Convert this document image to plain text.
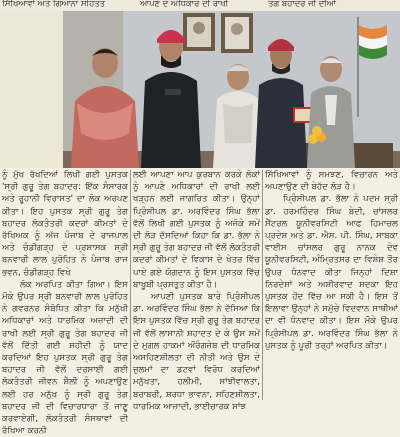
ਸਿੱਖਿਆਵਾਂ ਅਤੇ ਗਿਆਨਾ ਸਹਿਤਤ	ਆਪਣੇ ਦੇ ਅਧਿਕਾਰ ਦੀ ਰਾਖੀ	ਤੇਗ ਬਹਾਦਰ ਜੀ ਦੀਆਂ

ਨੂੰ ਮੁੱਖ ਰੱਖਦਿਆਂ ਲਿਖੀ ਗਈ ਪੁਸਤਕ 'ਸ੍ਰੀ ਗੁਰੂ ਤੇਗ ਬਹਾਦਰ: ਇੱਕ ਸੰਸਾਰਕ ਅਤੇ ਰੂਹਾਨੀ ਵਿਰਾਸਤ' ਦਾ ਲੋਕ ਅਰਪਣ ਕੀਤਾ। ਇਹ ਪੁਸਤਕ ਸ੍ਰੀ ਗੁਰੂ ਤੇਗ ਬਹਾਦਰ ਲੋਕਤੰਤਰੀ ਕਦਰਾਂ ਕੀਮਤਾਂ ਦੇ ਰੱਖਿਅਕ ਨੂੰ ਅੱਜ ਪੰਜਾਬ ਦੇ ਰਾਜਪਾਲ ਅਤੇ ਚੰਡੀਗੜ੍ਹ ਦੇ ਪ੍ਰਸ਼ਾਸਕ ਸ੍ਰੀ ਬਨਵਾਰੀ ਲਾਲ ਪੁਰੋਹਿਤ ਨੇ ਪੰਜਾਬ ਰਾਜ ਭਵਨ, ਚੰਡੀਗੜ੍ਹ ਵਿਖੇ

ਲੋਕ ਅਰਪਿਤ ਕੀਤਾ ਗਿਆ। ਇਸ ਮੌਕੇ ਉਪਰ ਸ੍ਰੀ ਬਨਵਾਰੀ ਲਾਲ ਪੁਰੋਹਿਤ ਨੇ ਗਵਰਨਰ ਸੰਬੋਧਿਤ ਕੀਤਾ ਕਿ ਮਨੁੱਖੀ ਅਧਿਕਾਰਾਂ ਅਤੇ ਧਾਰਮਿਕ ਅਜ਼ਾਦੀ ਦੀ ਰਾਖੀ ਲਈ ਸ੍ਰੀ ਗੁਰੂ ਤੇਗ ਬਹਾਦਰ ਜੀ ਵੱਲੋਂ ਦਿੱਤੀ ਗਈ ਸ਼ਹੀਦੀ ਨੂੰ ਯਾਦ ਕਰਦਿਆਂ ਇਹ ਪੁਸਤਕ ਸ੍ਰੀ ਗੁਰੂ ਤੇਗ ਬਹਾਦਰ ਜੀ ਵੱਲੋਂ ਦਰਸਾਈ ਗਈ ਲੋਕਤੰਤਰੀ ਜੀਵਨ ਸ਼ੈਲੀ ਨੂੰ ਅਪਣਾਉਣ ਲਈ ਹਰ ਮਨੁੱਖ ਨੂੰ ਸ੍ਰੀ ਗੁਰੂ ਤੇਗ ਬਹਾਦਰ ਜੀ ਦੀ ਵਿਚਾਰਧਾਰਾ ਤੋਂ ਜਾਣੂ ਕਰਵਾਏਗੀ, ਲੋਕਤੰਤਰੀ ਸੰਸਥਾਵਾਂ ਦੀ ਰੱਖਿਆ ਕਰਨੀ

ਲਈ ਆਪਣਾ ਆਪ ਕੁਰਬਾਨ ਕਰਕੇ ਲੋਕਾਂ ਨੂੰ ਆਪਣੇ ਅਧਿਕਾਰਾਂ ਦੀ ਰਾਖੀ ਲਈ ਖੜ੍ਹਨ ਲਈ ਜਾਗਰਿਤ ਕੀਤਾ। ਉਨ੍ਹਾਂ ਪ੍ਰਿੰਸੀਪਲ ਡਾ. ਅਰਵਿੰਦਰ ਸਿੰਘ ਭੱਲਾ ਵੱਲੋਂ ਲਿਖੀ ਗਈ ਪੁਸਤਕ ਨੂੰ ਅਜੋਕੇ ਸਮੇਂ ਦੀ ਲੋੜ ਦੱਸਦਿਆਂ ਕਿਹਾ ਕਿ ਡਾ. ਭੱਲਾ ਨੇ ਸ੍ਰੀ ਗੁਰੂ ਤੇਗ ਬਹਾਦਰ ਜੀ ਵੱਲੋਂ ਲੋਕਤੰਤਰੀ ਕਦਰਾਂ ਕੀਮਤਾਂ ਦੇ ਵਿਕਾਸ ਦੇ ਖੇਤਰ ਵਿੱਚ ਪਾਏ ਗਏ ਯੋਗਦਾਨ ਨੂੰ ਇਸ ਪੁਸਤਕ ਵਿੱਚ ਬਾਖੂਬੀ ਪ੍ਰਸਤੁਤ ਕੀਤਾ ਹੈ।

ਆਪਣੀ ਪੁਸਤਕ ਬਾਰੇ ਪ੍ਰਿੰਸੀਪਲ ਡਾ. ਅਰਵਿੰਦਰ ਸਿੰਘ ਭੱਲਾ ਨੇ ਦੱਸਿਆ ਕਿ ਇਸ ਪੁਸਤਕ ਵਿੱਚ ਸ੍ਰੀ ਗੁਰੂ ਤੇਗ ਬਹਾਦਰ ਜੀ ਵੱਲੋਂ ਲਾਸਾਨੀ ਸ਼ਹਾਦਤ ਦੇ ਕੇ ਉਸ ਸਮੇਂ ਦੇ ਮੁਗਲ ਹਾਕਮਾਂ ਔਰੰਗਜ਼ੇਬ ਦੀ ਧਾਰਮਿਕ ਅਸਹਿਣਸ਼ੀਲਤਾ ਦੀ ਨੀਤੀ ਅਤੇ ਉਸ ਦੇ ਜ਼ੁਲਮਾਂ ਦਾ ਡਟਵਾਂ ਵਿਰੋਧ ਕਰਦਿਆਂ ਮਨੁੱਖਤਾ, ਹਲੀਮੀ, ਸਾਂਝੀਵਾਲਤਾ, ਬਰਾਬਰੀ, ਸ਼ਰਧਾ ਭਾਵਨਾ, ਸਹਿਣਸ਼ੀਲਤਾ, ਧਾਰਮਿਕ ਆਜ਼ਾਦੀ, ਭਾਈਚਾਰਕ ਸਾਂਝ

ਸਿੱਖਿਆਵਾਂ ਨੂੰ ਸਮਝਣ, ਵਿਚਾਰਨ ਅਤੇ ਅਪਣਾਉਣ ਦੀ ਬੇਹੱਦ ਲੋੜ ਹੈ।

ਪ੍ਰਿੰਸੀਪਲ ਡਾ. ਭੱਲਾ ਨੇ ਪਦਮ ਸ੍ਰੀ ਡਾ. ਹਰਮਹਿੰਦਰ ਸਿੰਘ ਬੇਦੀ, ਚਾਂਸਲਰ ਸੈਂਟਰਲ ਯੂਨੀਵਰਸਿਟੀ ਆਫ ਹਿਮਾਚਲ ਪ੍ਰਦੇਸ਼ ਅਤੇ ਡਾ. ਐਸ. ਪੀ. ਸਿੰਘ, ਸਾਬਕਾ ਵਾਈਸ ਚਾਂਸਲਰ ਗੁਰੂ ਨਾਨਕ ਦੇਵ ਯੂਨੀਵਰਸਿਟੀ, ਅੰਮ੍ਰਿਤਸਰ ਦਾ ਵਿਸ਼ੇਸ਼ ਤੌਰ ਉਪਰ ਧੰਨਵਾਦ ਕੀਤਾ ਜਿਨ੍ਹਾਂ ਦਿਸ਼ਾ ਨਿਰਦੇਸ਼ਾਂ ਅਤੇ ਅਸ਼ੀਰਵਾਦ ਸਦਕਾ ਇਹ ਪੁਸਤਕ ਹੋਂਦ ਵਿੱਚ ਆ ਸਕੀ ਹੈ। ਇਸ ਤੋਂ ਇਲਾਵਾ ਉਨ੍ਹਾਂ ਨੇ ਸਮੁੱਚੇ ਵਿਦਵਾਨ ਸਾਥੀਆਂ ਦਾ ਵੀ ਧੰਨਵਾਦ ਕੀਤਾ। ਇਸ ਮੌਕੇ ਉਪਰ ਪ੍ਰਿੰਸੀਪਲ ਡਾ. ਅਰਵਿੰਦਰ ਸਿੰਘ ਭੱਲਾ ਨੇ ਪੁਸਤਕ ਨੂੰ ਪੂਰੀ ਤਰ੍ਹਾਂ ਅਰਪਿਤ ਕੀਤਾ।
